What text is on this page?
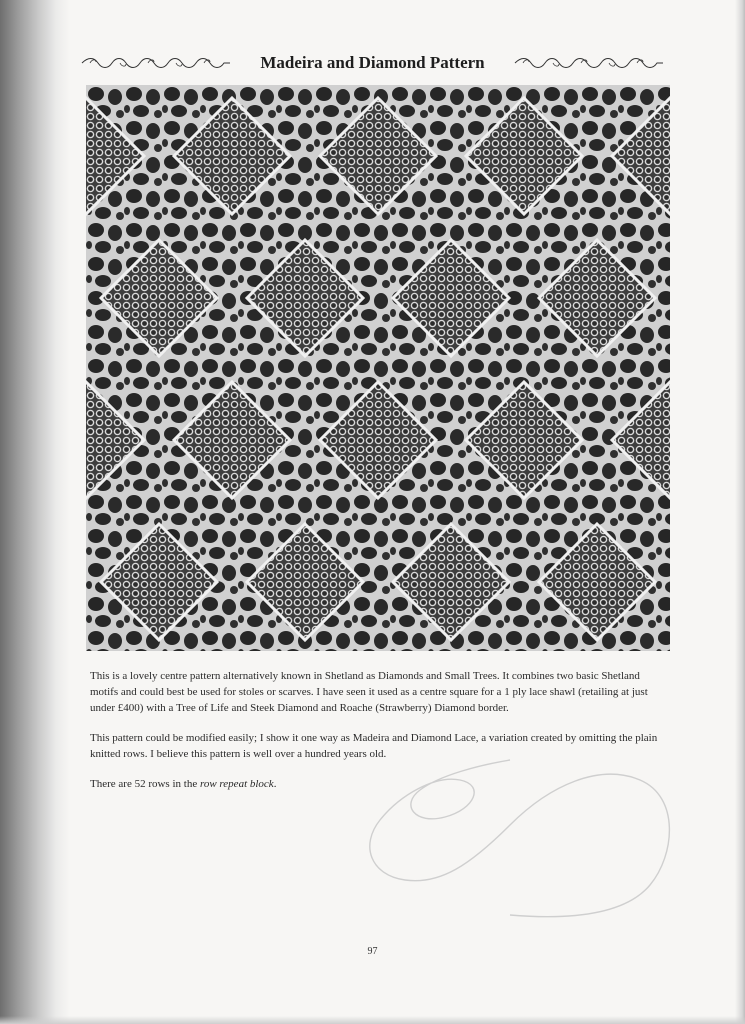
Madeira and Diamond Pattern

This is a lovely centre pattern alternatively known in Shetland as Diamonds and Small Trees. It combines two basic Shetland motifs and could best be used for stoles or scarves. I have seen it used as a centre square for a 1 ply lace shawl (retailing at just under £400) with a Tree of Life and Steek Diamond and Roache (Strawberry) Diamond border.

This pattern could be modified easily; I show it one way as Madeira and Diamond Lace, a variation created by omitting the plain knitted rows. I believe this pattern is well over a hundred years old.

There are 52 rows in the row repeat block.

97
